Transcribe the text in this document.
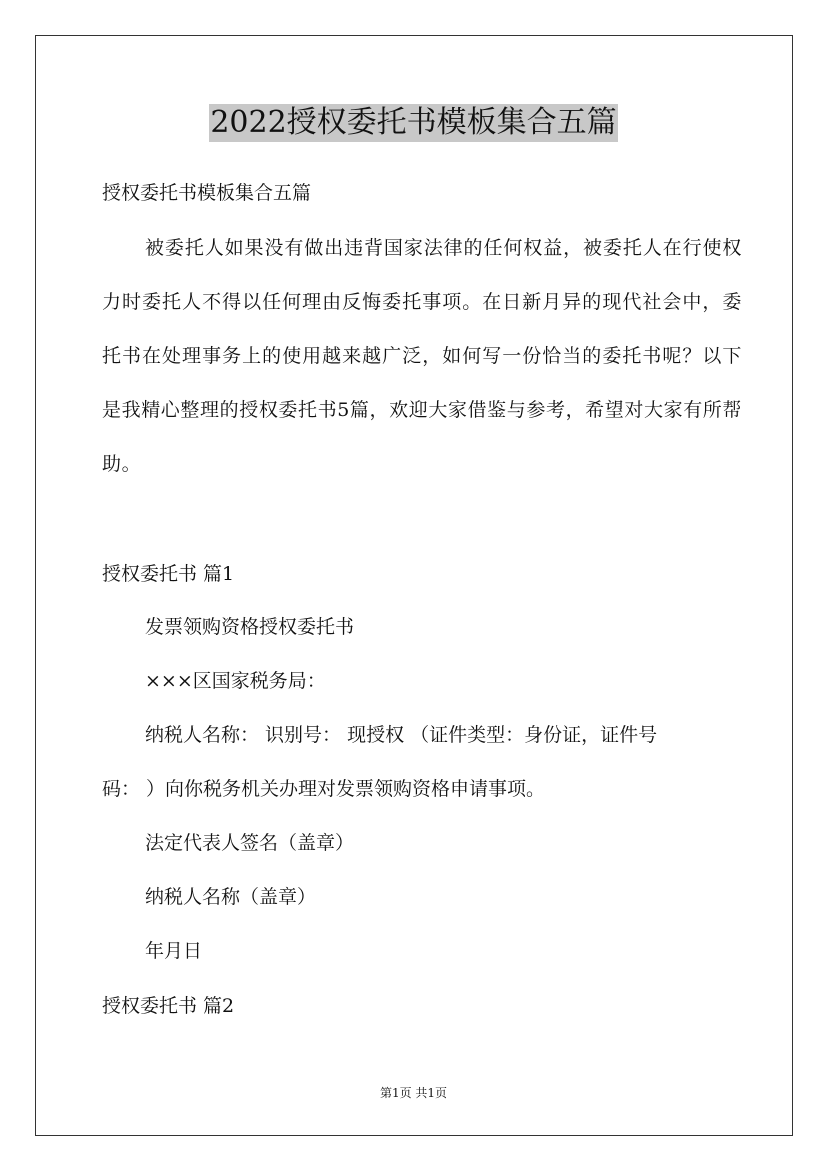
2022授权委托书模板集合五篇
授权委托书模板集合五篇
被委托人如果没有做出违背国家法律的任何权益，被委托人在行使权力时委托人不得以任何理由反悔委托事项。在日新月异的现代社会中，委托书在处理事务上的使用越来越广泛，如何写一份恰当的委托书呢？以下是我精心整理的授权委托书5篇，欢迎大家借鉴与参考，希望对大家有所帮助。
授权委托书 篇1
发票领购资格授权委托书
×××区国家税务局：
纳税人名称： 识别号： 现授权 （证件类型：身份证，证件号
码： ）向你税务机关办理对发票领购资格申请事项。
法定代表人签名（盖章）
纳税人名称（盖章）
年月日
授权委托书 篇2
第1页 共1页
